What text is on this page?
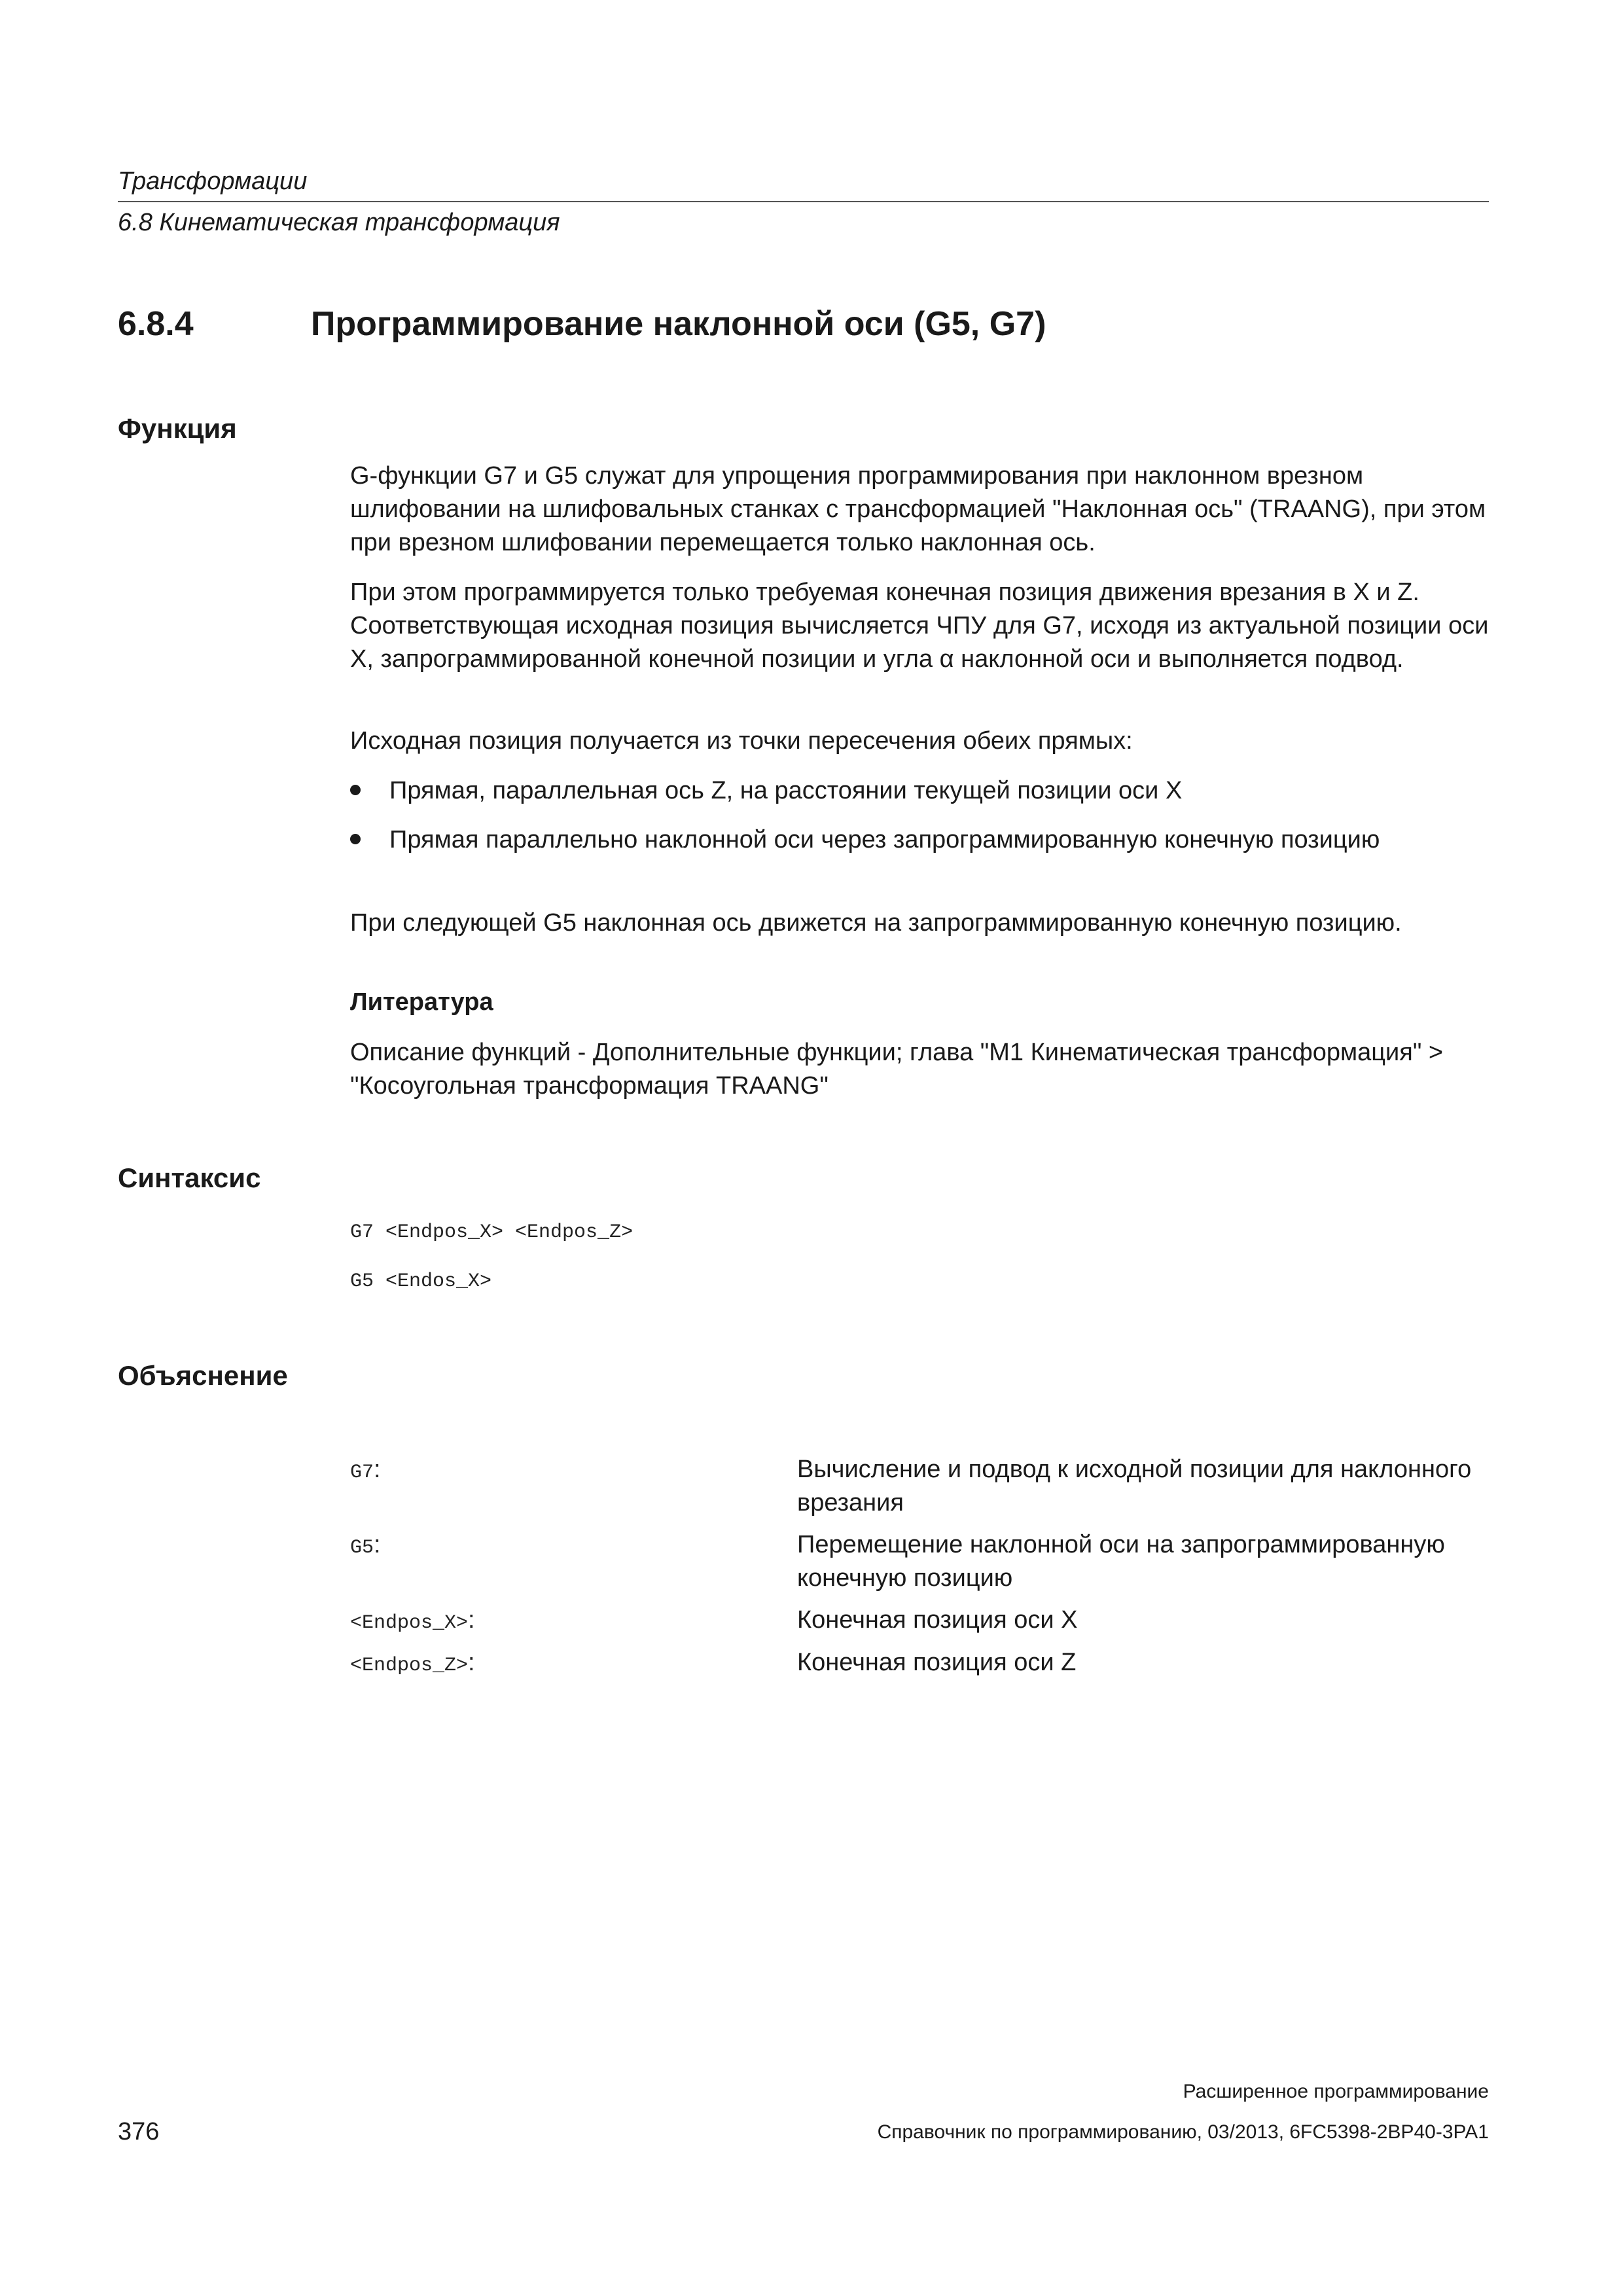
Трансформации
6.8 Кинематическая трансформация
6.8.4	Программирование наклонной оси (G5, G7)
Функция

G-функции G7 и G5 служат для упрощения программирования при наклонном врезном шлифовании на шлифовальных станках с трансформацией "Наклонная ось" (TRAANG), при этом при врезном шлифовании перемещается только наклонная ось.

При этом программируется только требуемая конечная позиция движения врезания в X и Z. Соответствующая исходная позиция вычисляется ЧПУ для G7, исходя из актуальной позиции оси X, запрограммированной конечной позиции и угла α наклонной оси и выполняется подвод.

Исходная позиция получается из точки пересечения обеих прямых:

Прямая, параллельная ось Z, на расстоянии текущей позиции оси X
Прямая параллельно наклонной оси через запрограммированную конечную позицию

При следующей G5 наклонная ось движется на запрограммированную конечную позицию.

Литература

Описание функций - Дополнительные функции; глава "M1 Кинематическая трансформация" > "Косоугольная трансформация TRAANG"

Синтаксис
G7 <Endpos_X> <Endpos_Z>
G5 <Endos_X>
Объяснение
G7:	Вычисление и подвод к исходной позиции для наклонного врезания
G5:	Перемещение наклонной оси на запрограммированную конечную позицию
<Endpos_X>:	Конечная позиция оси X
<Endpos_Z>:	Конечная позиция оси Z
Расширенное программирование
376	Справочник по программированию, 03/2013, 6FC5398-2BP40-3PA1
